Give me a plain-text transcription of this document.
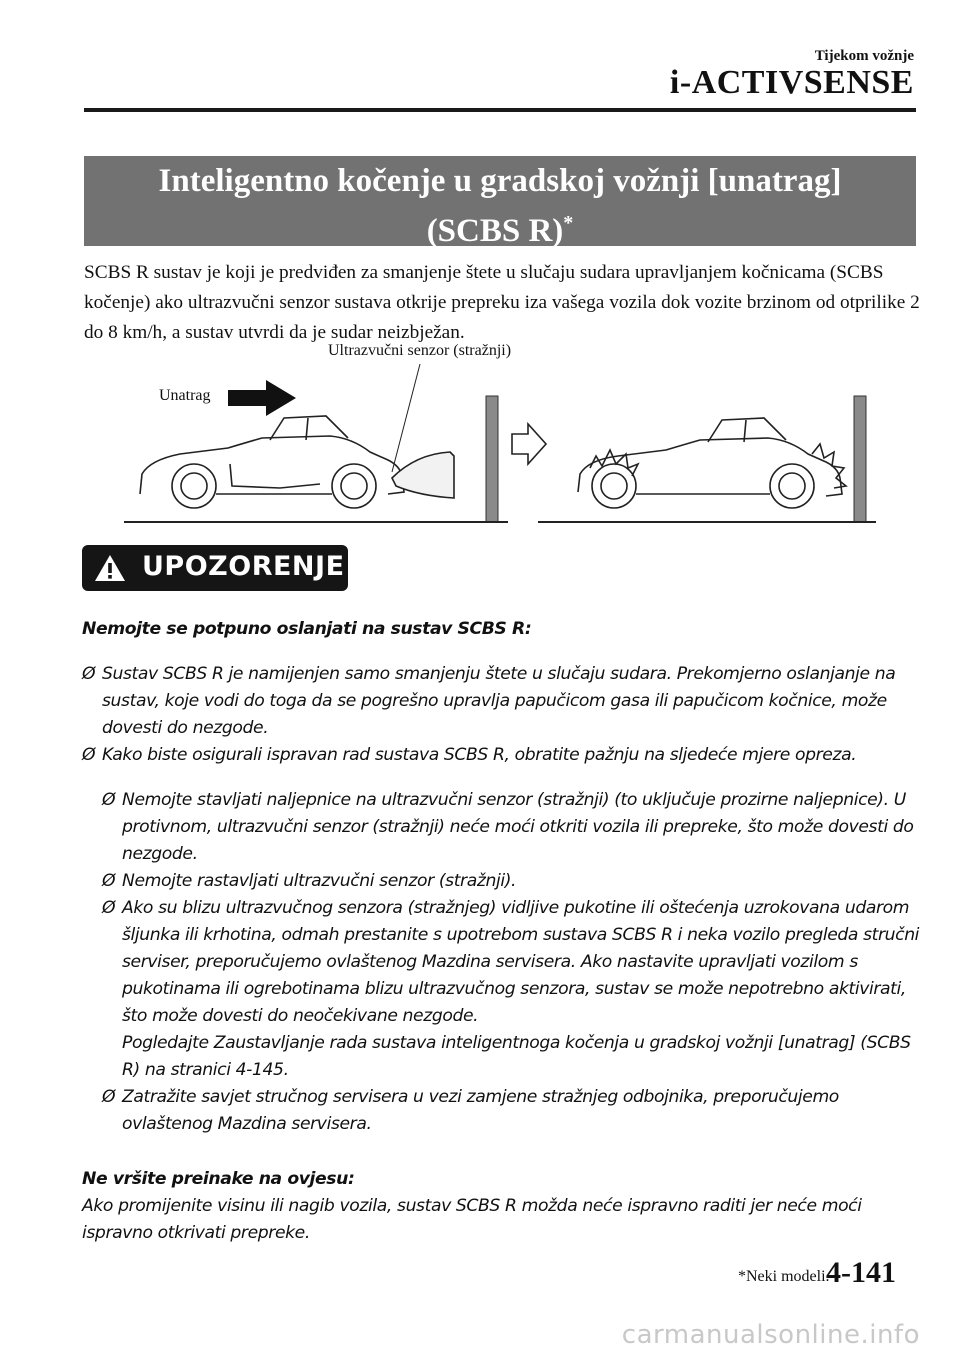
Tijekom vožnje
i-ACTIVSENSE
Inteligentno kočenje u gradskoj vožnji [unatrag]
(SCBS R)*
SCBS R sustav je koji je predviđen za smanjenje štete u slučaju sudara upravljanjem kočnicama (SCBS kočenje) ako ultrazvučni senzor sustava otkrije prepreku iza vašega vozila dok vozite brzinom od otprilike 2 do 8 km/h, a sustav utvrdi da je sudar neizbježan.
Ultrazvučni senzor (stražnji)
Unatrag
UPOZORENJE

Nemojte se potpuno oslanjati na sustav SCBS R:

Ø Sustav SCBS R je namijenjen samo smanjenju štete u slučaju sudara. Prekomjerno oslanjanje na sustav, koje vodi do toga da se pogrešno upravlja papučicom gasa ili papučicom kočnice, može dovesti do nezgode.

Ø Kako biste osigurali ispravan rad sustava SCBS R, obratite pažnju na sljedeće mjere opreza.

Ø Nemojte stavljati naljepnice na ultrazvučni senzor (stražnji) (to uključuje prozirne naljepnice). U protivnom, ultrazvučni senzor (stražnji) neće moći otkriti vozila ili prepreke, što može dovesti do nezgode.

Ø Nemojte rastavljati ultrazvučni senzor (stražnji).

Ø Ako su blizu ultrazvučnog senzora (stražnjeg) vidljive pukotine ili oštećenja uzrokovana udarom šljunka ili krhotina, odmah prestanite s upotrebom sustava SCBS R i neka vozilo pregleda stručni serviser, preporučujemo ovlaštenog Mazdina servisera. Ako nastavite upravljati vozilom s pukotinama ili ogrebotinama blizu ultrazvučnog senzora, sustav se može nepotrebno aktivirati, što može dovesti do neočekivane nezgode.
Pogledajte Zaustavljanje rada sustava inteligentnoga kočenja u gradskoj vožnji [unatrag] (SCBS R) na stranici 4-145.

Ø Zatražite savjet stručnog servisera u vezi zamjene stražnjeg odbojnika, preporučujemo ovlaštenog Mazdina servisera.

Ne vršite preinake na ovjesu:

Ako promijenite visinu ili nagib vozila, sustav SCBS R možda neće ispravno raditi jer neće moći ispravno otkrivati prepreke.

*Neki modeli.
4-141
carmanualsonline.info
